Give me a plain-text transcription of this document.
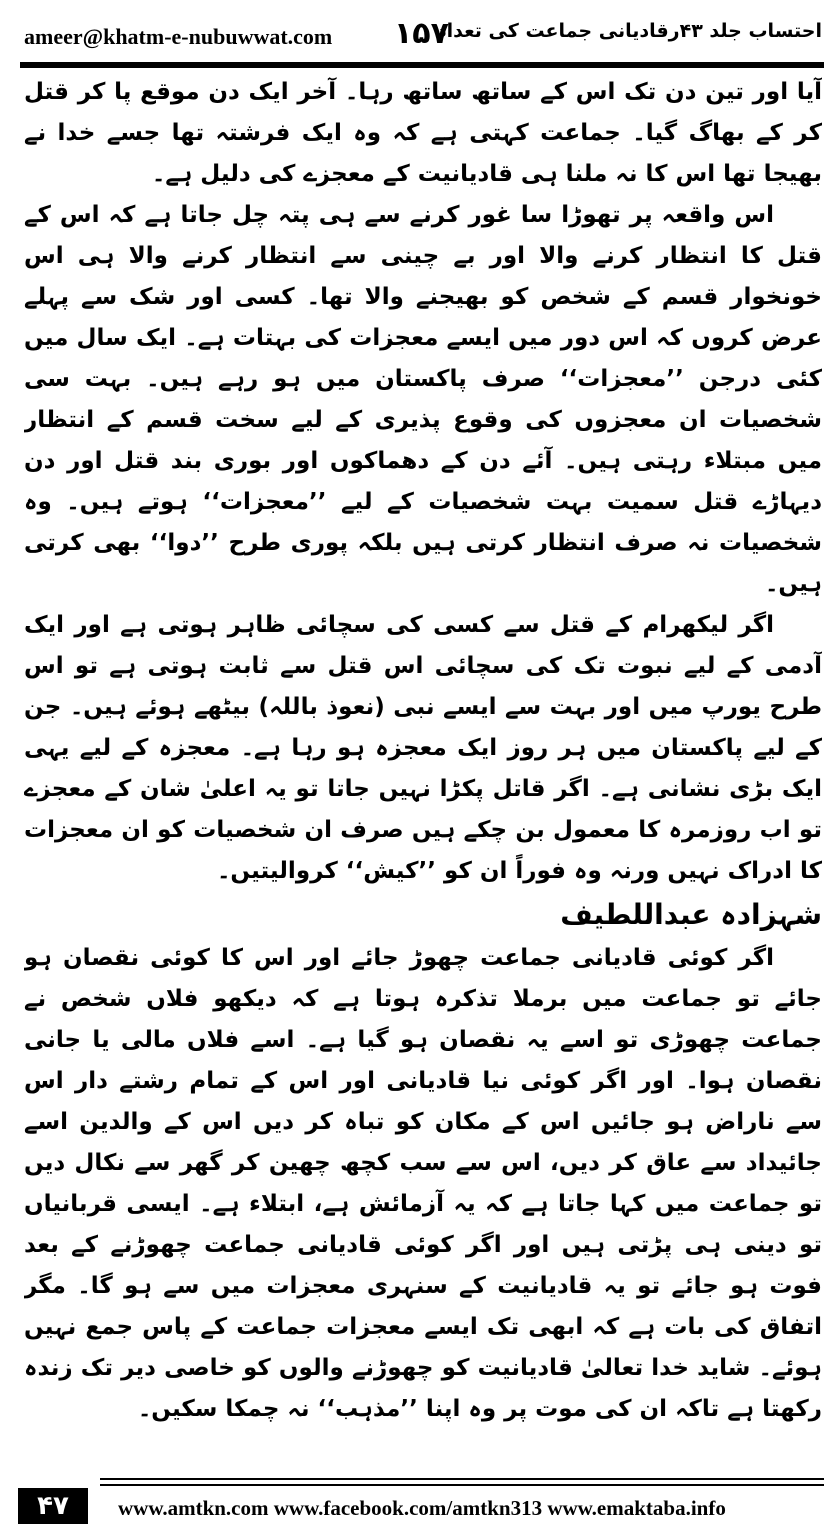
ameer@khatm-e-nubuwwat.com ۱۵۷
احتساب جلد ۴۳رقادیانی جماعت کی تعداد

آیا اور تین دن تک اس کے ساتھ ساتھ رہا۔ آخر ایک دن موقع پا کر قتل کر کے بھاگ گیا۔ جماعت کہتی ہے کہ وہ ایک فرشتہ تھا جسے خدا نے بھیجا تھا اس کا نہ ملنا ہی قادیانیت کے معجزے کی دلیل ہے۔

اس واقعہ پر تھوڑا سا غور کرنے سے ہی پتہ چل جاتا ہے کہ اس کے قتل کا انتظار کرنے والا اور بے چینی سے انتظار کرنے والا ہی اس خونخوار قسم کے شخص کو بھیجنے والا تھا۔ کسی اور شک سے پہلے عرض کروں کہ اس دور میں ایسے معجزات کی بہتات ہے۔ ایک سال میں کئی درجن ’’معجزات‘‘ صرف پاکستان میں ہو رہے ہیں۔ بہت سی شخصیات ان معجزوں کی وقوع پذیری کے لیے سخت قسم کے انتظار میں مبتلاء رہتی ہیں۔ آئے دن کے دھماکوں اور بوری بند قتل اور دن دیہاڑے قتل سمیت بہت شخصیات کے لیے ’’معجزات‘‘ ہوتے ہیں۔ وہ شخصیات نہ صرف انتظار کرتی ہیں بلکہ پوری طرح ’’دوا‘‘ بھی کرتی ہیں۔

اگر لیکھرام کے قتل سے کسی کی سچائی ظاہر ہوتی ہے اور ایک آدمی کے لیے نبوت تک کی سچائی اس قتل سے ثابت ہوتی ہے تو اس طرح یورپ میں اور بہت سے ایسے نبی (نعوذ باللہ) بیٹھے ہوئے ہیں۔ جن کے لیے پاکستان میں ہر روز ایک معجزہ ہو رہا ہے۔ معجزہ کے لیے یہی ایک بڑی نشانی ہے۔ اگر قاتل پکڑا نہیں جاتا تو یہ اعلیٰ شان کے معجزے تو اب روزمرہ کا معمول بن چکے ہیں صرف ان شخصیات کو ان معجزات کا ادراک نہیں ورنہ وہ فوراً ان کو ’’کیش‘‘ کروالیتیں۔

شہزادہ عبداللطیف

اگر کوئی قادیانی جماعت چھوڑ جائے اور اس کا کوئی نقصان ہو جائے تو جماعت میں برملا تذکرہ ہوتا ہے کہ دیکھو فلاں شخص نے جماعت چھوڑی تو اسے یہ نقصان ہو گیا ہے۔ اسے فلاں مالی یا جانی نقصان ہوا۔ اور اگر کوئی نیا قادیانی اور اس کے تمام رشتے دار اس سے ناراض ہو جائیں اس کے مکان کو تباہ کر دیں اس کے والدین اسے جائیداد سے عاق کر دیں، اس سے سب کچھ چھین کر گھر سے نکال دیں تو جماعت میں کہا جاتا ہے کہ یہ آزمائش ہے، ابتلاء ہے۔ ایسی قربانیاں تو دینی ہی پڑتی ہیں اور اگر کوئی قادیانی جماعت چھوڑنے کے بعد فوت ہو جائے تو یہ قادیانیت کے سنہری معجزات میں سے ہو گا۔ مگر اتفاق کی بات ہے کہ ابھی تک ایسے معجزات جماعت کے پاس جمع نہیں ہوئے۔ شاید خدا تعالیٰ قادیانیت کو چھوڑنے والوں کو خاصی دیر تک زندہ رکھتا ہے تاکہ ان کی موت پر وہ اپنا ’’مذہب‘‘ نہ چمکا سکیں۔

۴۷	www.amtkn.com www.facebook.com/amtkn313 www.emaktaba.info
